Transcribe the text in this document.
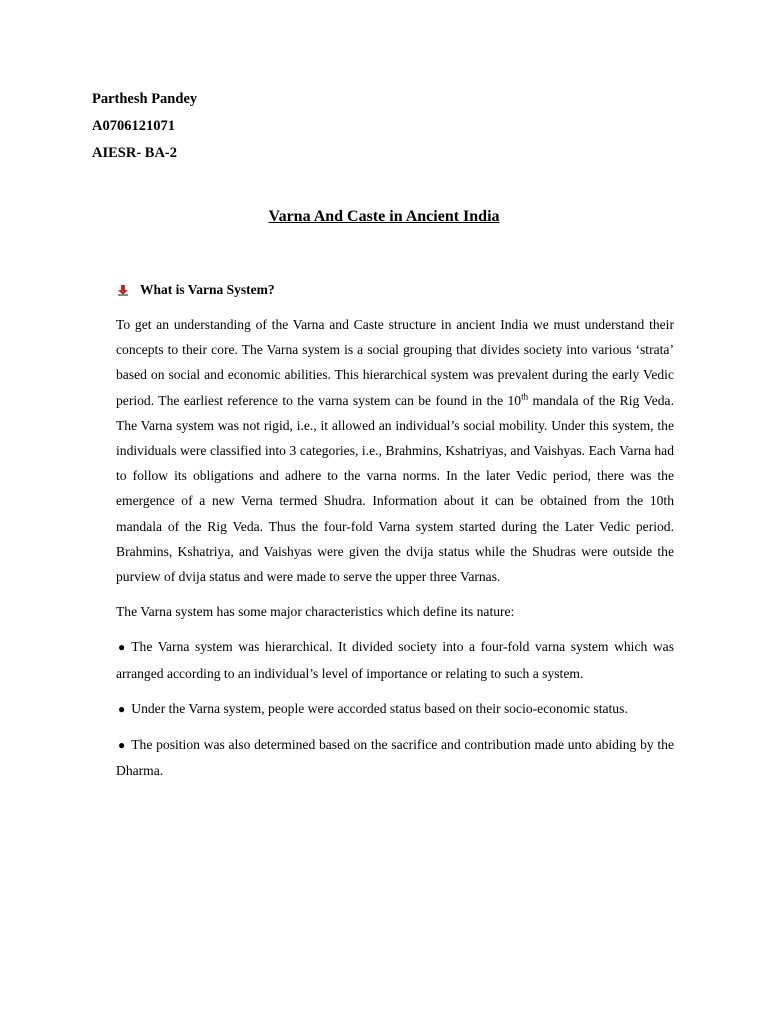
Parthesh Pandey
A0706121071
AIESR- BA-2
Varna And Caste in Ancient India
What is Varna System?

To get an understanding of the Varna and Caste structure in ancient India we must understand their concepts to their core. The Varna system is a social grouping that divides society into various ‘strata’ based on social and economic abilities. This hierarchical system was prevalent during the early Vedic period. The earliest reference to the varna system can be found in the 10th mandala of the Rig Veda. The Varna system was not rigid, i.e., it allowed an individual’s social mobility. Under this system, the individuals were classified into 3 categories, i.e., Brahmins, Kshatriyas, and Vaishyas. Each Varna had to follow its obligations and adhere to the varna norms. In the later Vedic period, there was the emergence of a new Verna termed Shudra. Information about it can be obtained from the 10th mandala of the Rig Veda. Thus the four-fold Varna system started during the Later Vedic period. Brahmins, Kshatriya, and Vaishyas were given the dvija status while the Shudras were outside the purview of dvija status and were made to serve the upper three Varnas.

The Varna system has some major characteristics which define its nature:

● The Varna system was hierarchical. It divided society into a four-fold varna system which was arranged according to an individual’s level of importance or relating to such a system.
● Under the Varna system, people were accorded status based on their socio-economic status.
● The position was also determined based on the sacrifice and contribution made unto abiding by the Dharma.
